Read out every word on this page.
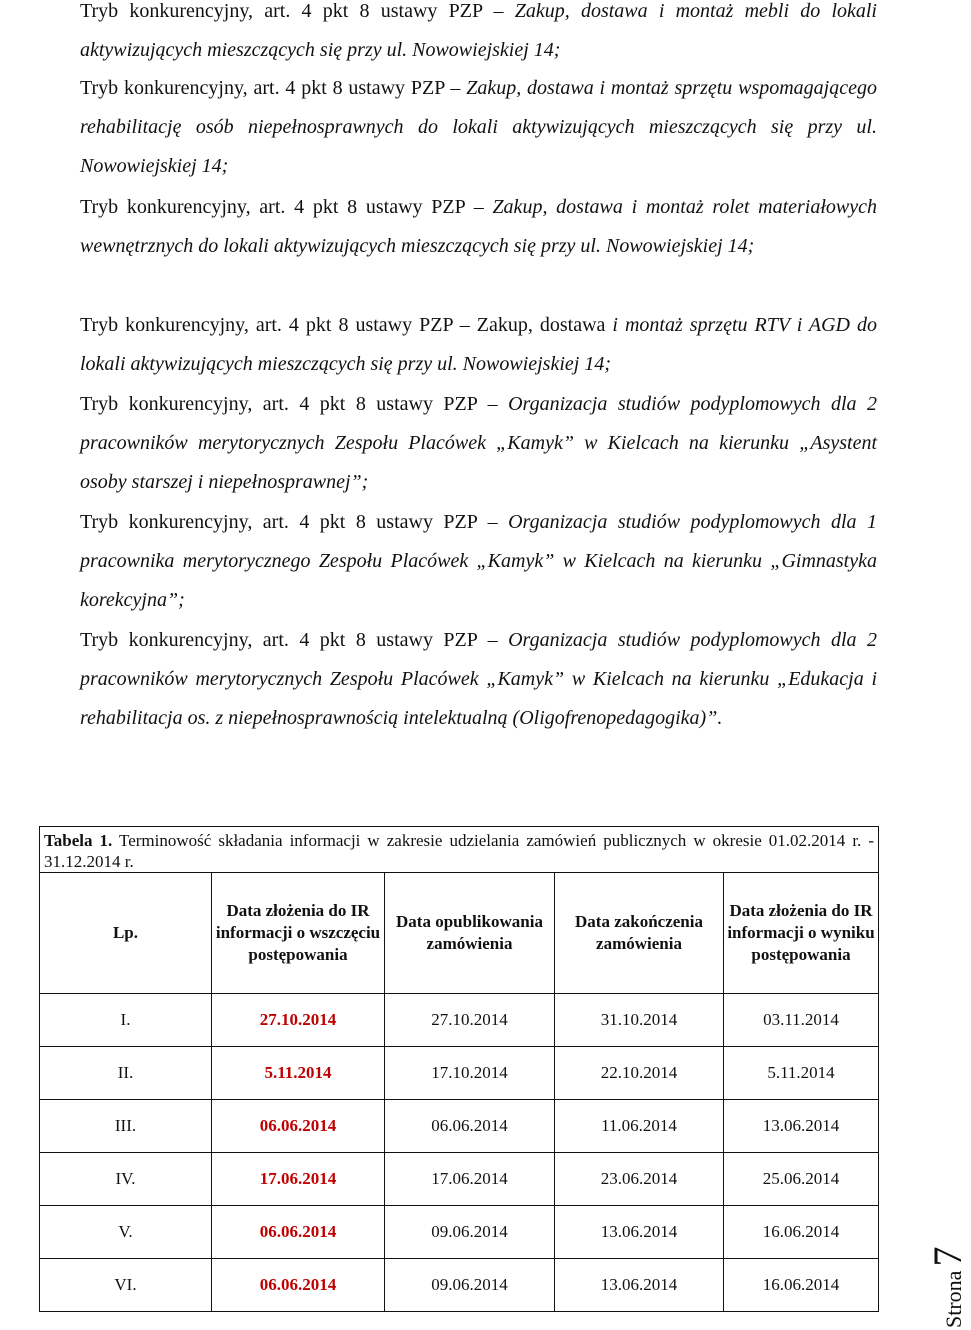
Tryb konkurencyjny, art. 4 pkt 8 ustawy PZP – Zakup, dostawa i montaż mebli do lokali aktywizujących mieszczących się przy ul. Nowowiejskiej 14;
Tryb konkurencyjny, art. 4 pkt 8 ustawy PZP – Zakup, dostawa i montaż sprzętu wspomagającego rehabilitację osób niepełnosprawnych do lokali aktywizujących mieszczących się przy ul. Nowowiejskiej 14;
Tryb konkurencyjny, art. 4 pkt 8 ustawy PZP – Zakup, dostawa i montaż rolet materiałowych wewnętrznych do lokali aktywizujących mieszczących się przy ul. Nowowiejskiej 14;
Tryb konkurencyjny, art. 4 pkt 8 ustawy PZP – Zakup, dostawa i montaż sprzętu RTV i AGD do lokali aktywizujących mieszczących się przy ul. Nowowiejskiej 14;
Tryb konkurencyjny, art. 4 pkt 8 ustawy PZP – Organizacja studiów podyplomowych dla 2 pracowników merytorycznych Zespołu Placówek „Kamyk” w Kielcach na kierunku „Asystent osoby starszej i niepełnosprawnej”;
Tryb konkurencyjny, art. 4 pkt 8 ustawy PZP – Organizacja studiów podyplomowych dla 1 pracownika merytorycznego Zespołu Placówek „Kamyk” w Kielcach na kierunku „Gimnastyka korekcyjna”;
Tryb konkurencyjny, art. 4 pkt 8 ustawy PZP – Organizacja studiów podyplomowych dla 2 pracowników merytorycznych Zespołu Placówek „Kamyk” w Kielcach na kierunku „Edukacja i rehabilitacja os. z niepełnosprawnością intelektualną (Oligofrenopedagogika)”.
Tabela 1. Terminowość składania informacji w zakresie udzielania zamówień publicznych w okresie 01.02.2014 r. - 31.12.2014 r.				
Lp.	Data złożenia do IR informacji o wszczęciu postępowania	Data opublikowania zamówienia	Data zakończenia zamówienia	Data złożenia do IR informacji o wyniku postępowania
I.	27.10.2014	27.10.2014	31.10.2014	03.11.2014
II.	5.11.2014	17.10.2014	22.10.2014	5.11.2014
III.	06.06.2014	06.06.2014	11.06.2014	13.06.2014
IV.	17.06.2014	17.06.2014	23.06.2014	25.06.2014
V.	06.06.2014	09.06.2014	13.06.2014	16.06.2014
VI.	06.06.2014	09.06.2014	13.06.2014	16.06.2014	Strona 7
